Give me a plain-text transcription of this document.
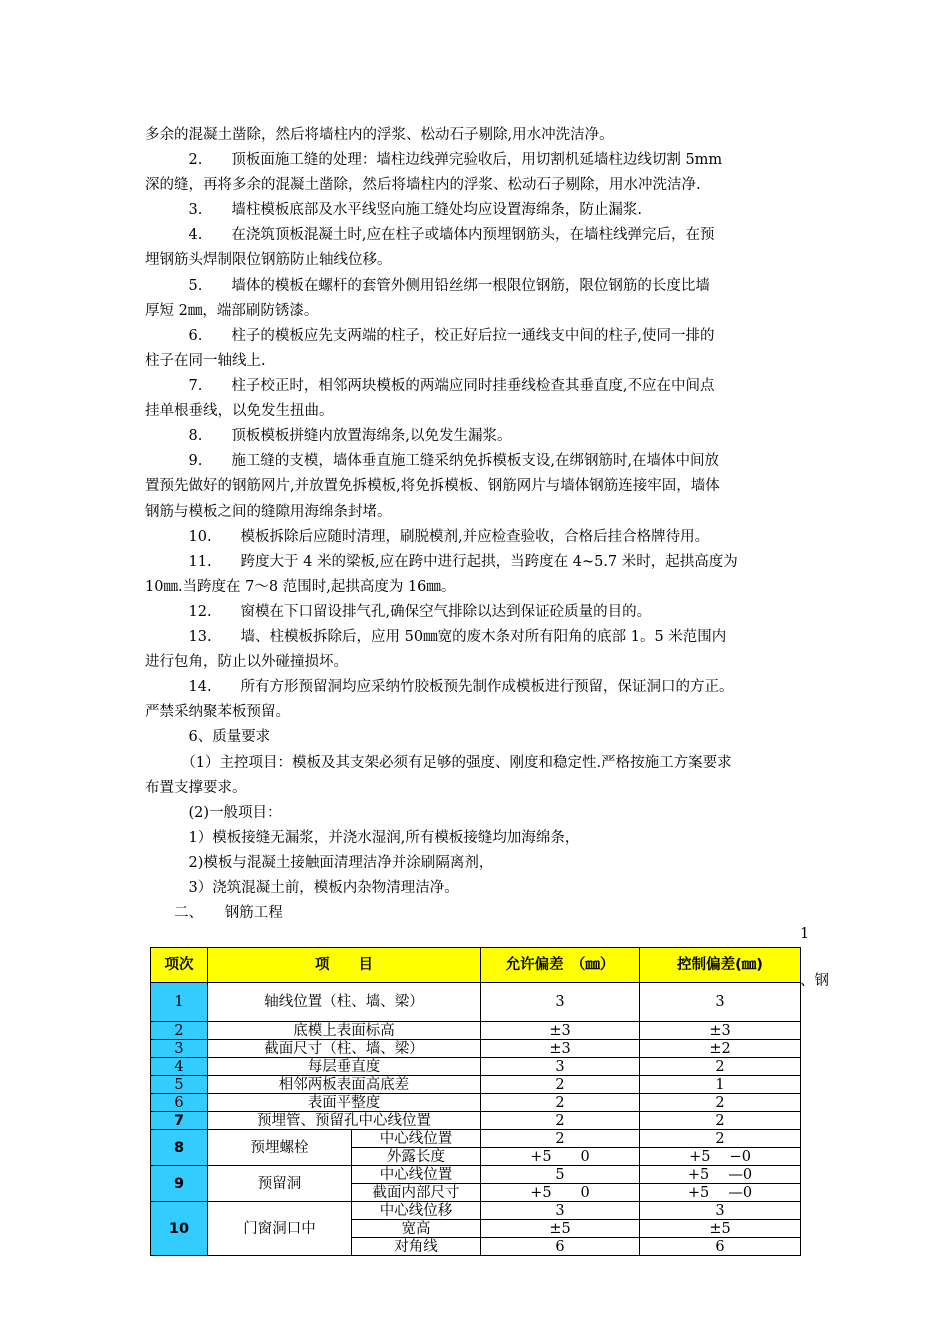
多余的混凝土凿除，然后将墙柱内的浮浆、松动石子剔除,用水冲洗洁净。
　　　2.　　顶板面施工缝的处理：墙柱边线弹完验收后，用切割机延墙柱边线切割 5mm
深的缝，再将多余的混凝土凿除，然后将墙柱内的浮浆、松动石子剔除，用水冲洗洁净.
　　　3.　　墙柱模板底部及水平线竖向施工缝处均应设置海绵条，防止漏浆.
　　　4.　　在浇筑顶板混凝土时,应在柱子或墙体内预埋钢筋头，在墙柱线弹完后，在预
埋钢筋头焊制限位钢筋防止轴线位移。
　　　5.　　墙体的模板在螺杆的套管外侧用铅丝绑一根限位钢筋，限位钢筋的长度比墙
厚短 2㎜，端部刷防锈漆。
　　　6.　　柱子的模板应先支两端的柱子，校正好后拉一通线支中间的柱子,使同一排的
柱子在同一轴线上.
　　　7.　　柱子校正时，相邻两块模板的两端应同时挂垂线检查其垂直度,不应在中间点
挂单根垂线，以免发生扭曲。
　　　8.　　顶板模板拼缝内放置海绵条,以免发生漏浆。
　　　9.　　施工缝的支模，墙体垂直施工缝采纳免拆模板支设,在绑钢筋时,在墙体中间放
置预先做好的钢筋网片,并放置免拆模板,将免拆模板、钢筋网片与墙体钢筋连接牢固，墙体
钢筋与模板之间的缝隙用海绵条封堵。
　　　10.　　模板拆除后应随时清理，刷脱模剂,并应检查验收，合格后挂合格牌待用。
　　　11.　　跨度大于 4 米的梁板,应在跨中进行起拱，当跨度在 4~5.7 米时，起拱高度为
10㎜.当跨度在 7～8 范围时,起拱高度为 16㎜。
　　　12.　　窗模在下口留设排气孔,确保空气排除以达到保证砼质量的目的。
　　　13.　　墙、柱模板拆除后，应用 50㎜宽的废木条对所有阳角的底部 1。5 米范围内
进行包角，防止以外碰撞损坏。
　　　14.　　所有方形预留洞均应采纳竹胶板预先制作成模板进行预留，保证洞口的方正。
严禁采纳聚苯板预留。
　　　6、质量要求
　　　（1）主控项目：模板及其支架必须有足够的强度、刚度和稳定性.严格按施工方案要求
布置支撑要求。
　　　(2)一般项目：
　　　1）模板接缝无漏浆，并浇水湿润,所有模板接缝均加海绵条，
　　　2)模板与混凝土接触面清理洁净并涂刷隔离剂，
　　　3）浇筑混凝土前，模板内杂物清理洁净。
　　二、　　钢筋工程
1
、钢
项次	项　　目		允许偏差　（㎜）	控制偏差(㎜)
1	轴线位置（柱、墙、梁）		3	3
2	底模上表面标高		±3	±3
3	截面尺寸（柱、墙、梁）		±3	±2
4	每层垂直度		3	2
5	相邻两板表面高底差		2	1
6	表面平整度		2	2
7	预埋管、预留孔中心线位置		2	2
8	预埋螺栓	中心线位置	2	2
		外露长度	+5　　0	+5　 −0
9	预留洞	中心线位置	5	+5　 —0
		截面内部尺寸	+5　　0	+5　 —0
10	门窗洞口中	中心线位移	3	3
		宽高	±5	±5
		对角线	6	6
